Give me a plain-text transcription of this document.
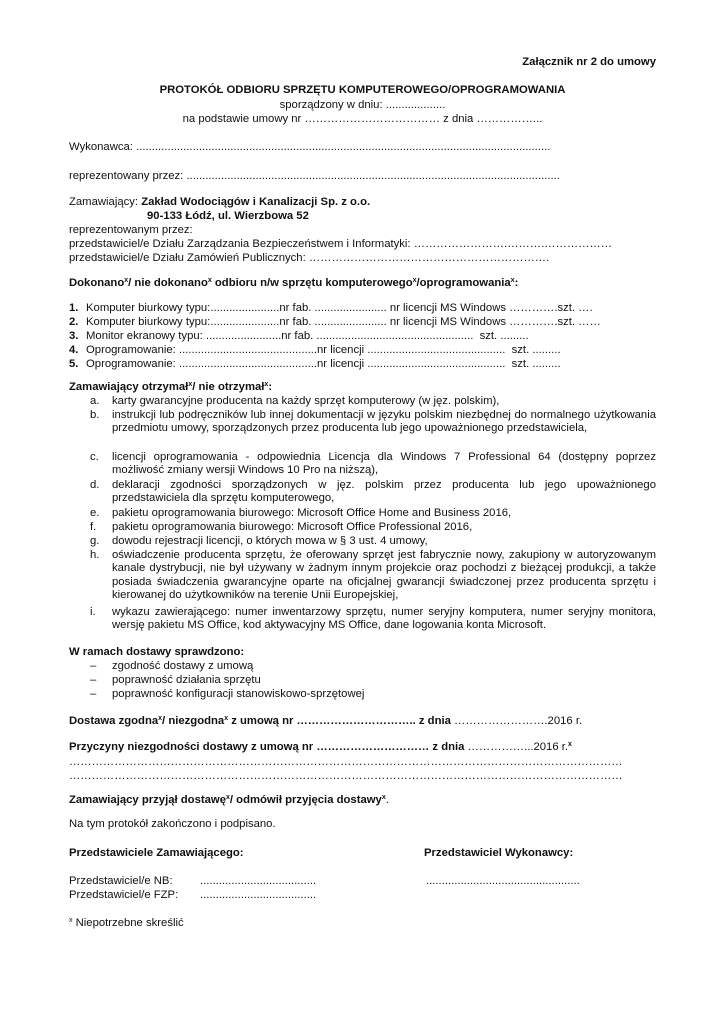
Załącznik nr 2 do umowy
PROTOKÓŁ ODBIORU SPRZĘTU KOMPUTEROWEGO/OPROGRAMOWANIA
sporządzony w dniu: ...................
na podstawie umowy nr ……………………………… z dnia ……………...
Wykonawca: ....................................................................................................................................
reprezentowany przez: .......................................................................................................................
Zamawiający: Zakład Wodociągów i Kanalizacji Sp. z o.o.
90-133 Łódź, ul. Wierzbowa 52
reprezentowanym przez:
przedstawiciel/e Działu Zarządzania Bezpieczeństwem i Informatyki: …………………….……….………………
przedstawiciel/e Działu Zamówień Publicznych: ……………………………………………………….
Dokonano$^x$/ nie dokonano$^x$ odbioru n/w sprzętu komputerowego$^x$/oprogramowania$^x$:
1. Komputer biurkowy typu:......................nr fab. ....................... nr licencji MS Windows ………….szt. ….
2. Komputer biurkowy typu:......................nr fab. ....................... nr licencji MS Windows ………….szt. ……
3. Monitor ekranowy typu: ........................nr fab. ..................................................  szt. .........
4. Oprogramowanie: ............................................nr licencji ............................................  szt. .........
5. Oprogramowanie: ............................................nr licencji ............................................  szt. .........
Zamawiający otrzymał$^x$/ nie otrzymał$^x$:
a. karty gwarancyjne producenta na każdy sprzęt komputerowy (w jęz. polskim),
b. instrukcji lub podręczników lub innej dokumentacji w języku polskim niezbędnej do normalnego użytkowania przedmiotu umowy, sporządzonych przez producenta lub jego upoważnionego przedstawiciela,
c. licencji oprogramowania - odpowiednia Licencja dla Windows 7 Professional 64 (dostępny poprzez możliwość zmiany wersji Windows 10 Pro na niższą),
d. deklaracji zgodności sporządzonych w jęz. polskim przez producenta lub jego upoważnionego przedstawiciela dla sprzętu komputerowego,
e. pakietu oprogramowania biurowego: Microsoft Office Home and Business 2016,
f. pakietu oprogramowania biurowego: Microsoft Office Professional 2016,
g. dowodu rejestracji licencji, o których mowa w § 3 ust. 4 umowy,
h. oświadczenie producenta sprzętu, że oferowany sprzęt jest fabrycznie nowy, zakupiony w autoryzowanym kanale dystrybucji, nie był używany w żadnym innym projekcie oraz pochodzi z bieżącej produkcji, a także posiada świadczenia gwarancyjne oparte na oficjalnej gwarancji świadczonej przez producenta sprzętu i kierowanej do użytkowników na terenie Unii Europejskiej,
i. wykazu zawierającego: numer inwentarzowy sprzętu, numer seryjny komputera, numer seryjny monitora, wersję pakietu MS Office, kod aktywacyjny MS Office, dane logowania konta Microsoft.
W ramach dostawy sprawdzono:
– zgodność dostawy z umową
– poprawność działania sprzętu
– poprawność konfiguracji stanowiskowo-sprzętowej
Dostawa zgodna$^x$/ niezgodna$^x$ z umową nr ………………………….. z dnia …………………….2016 r.
Przyczyny niezgodności dostawy z umową nr ………………………… z dnia ……………...2016 r.$^x$
…………………………………………………………………………………………………………………………………
…………………………………………………………………………………………………………………………………
Zamawiający przyjął dostawę$^x$/ odmówił przyjęcia dostawy$^x$.
Na tym protokół zakończono i podpisano.
Przedstawiciele Zamawiającego:	Przedstawiciel Wykonawcy:
Przedstawiciel/e NB: .....................................	.................................................
Przedstawiciel/e FZP: .....................................
$^x$ Niepotrzebne skreślić
